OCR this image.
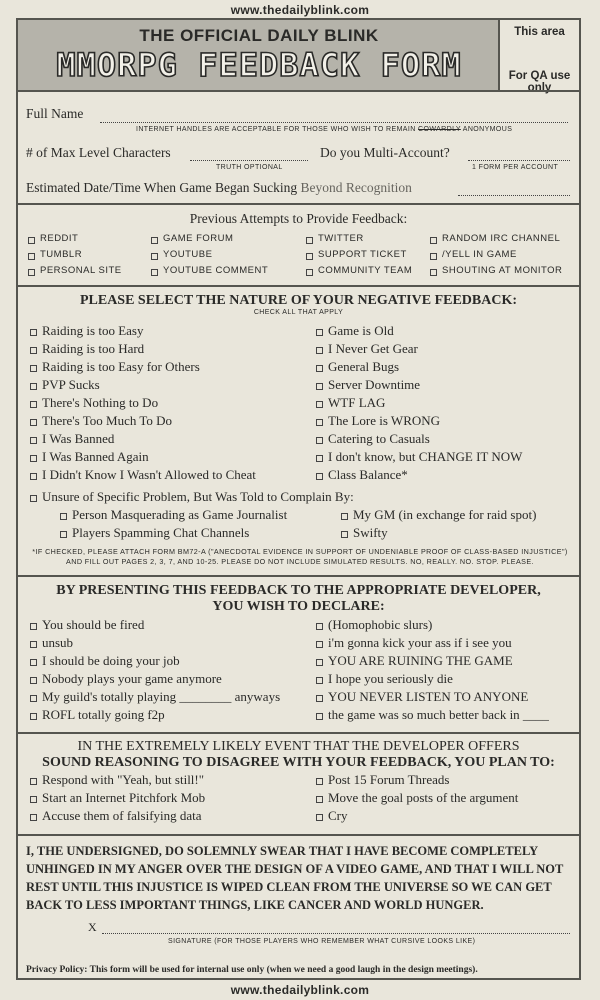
www.thedailyblink.com
THE OFFICIAL DAILY BLINK
MMORPG FEEDBACK FORM
This area
For QA use only
Full Name
INTERNET HANDLES ARE ACCEPTABLE FOR THOSE WHO WISH TO REMAIN COWARDLY ANONYMOUS
# of Max Level Characters
TRUTH OPTIONAL
Do you Multi-Account?
1 FORM PER ACCOUNT
Estimated Date/Time When Game Began Sucking Beyond Recognition
Previous Attempts to Provide Feedback:
REDDIT	GAME FORUM	TWITTER	RANDOM IRC CHANNEL
TUMBLR	YOUTUBE	SUPPORT TICKET	/YELL IN GAME
PERSONAL SITE	YOUTUBE COMMENT	COMMUNITY TEAM	SHOUTING AT MONITOR
PLEASE SELECT THE NATURE OF YOUR NEGATIVE FEEDBACK:
CHECK ALL THAT APPLY
Raiding is too Easy
Raiding is too Hard
Raiding is too Easy for Others
PVP Sucks
There's Nothing to Do
There's Too Much To Do
I Was Banned
I Was Banned Again
I Didn't Know I Wasn't Allowed to Cheat
Game is Old
I Never Get Gear
General Bugs
Server Downtime
WTF LAG
The Lore is WRONG
Catering to Casuals
I don't know, but CHANGE IT NOW
Class Balance*
Unsure of Specific Problem, But Was Told to Complain By:
Person Masquerading as Game Journalist
Players Spamming Chat Channels
My GM (in exchange for raid spot)
Swifty
*IF CHECKED, PLEASE ATTACH FORM BM72-A ("ANECDOTAL EVIDENCE IN SUPPORT OF UNDENIABLE PROOF OF CLASS-BASED INJUSTICE") AND FILL OUT PAGES 2, 3, 7, AND 10-25. PLEASE DO NOT INCLUDE SIMULATED RESULTS. NO, REALLY. NO. STOP. PLEASE.
BY PRESENTING THIS FEEDBACK TO THE APPROPRIATE DEVELOPER,
YOU WISH TO DECLARE:
You should be fired
unsub
I should be doing your job
Nobody plays your game anymore
My guild's totally playing ________ anyways
ROFL totally going f2p
(Homophobic slurs)
i'm gonna kick your ass if i see you
YOU ARE RUINING THE GAME
I hope you seriously die
YOU NEVER LISTEN TO ANYONE
the game was so much better back in ____
IN THE EXTREMELY LIKELY EVENT THAT THE DEVELOPER OFFERS
SOUND REASONING TO DISAGREE WITH YOUR FEEDBACK, YOU PLAN TO:
Respond with "Yeah, but still!"
Start an Internet Pitchfork Mob
Accuse them of falsifying data
Post 15 Forum Threads
Move the goal posts of the argument
Cry
I, THE UNDERSIGNED, DO SOLEMNLY SWEAR THAT I HAVE BECOME COMPLETELY UNHINGED IN MY ANGER OVER THE DESIGN OF A VIDEO GAME, AND THAT I WILL NOT REST UNTIL THIS INJUSTICE IS WIPED CLEAN FROM THE UNIVERSE SO WE CAN GET BACK TO LESS IMPORTANT THINGS, LIKE CANCER AND WORLD HUNGER.
X
SIGNATURE (FOR THOSE PLAYERS WHO REMEMBER WHAT CURSIVE LOOKS LIKE)
Privacy Policy: This form will be used for internal use only (when we need a good laugh in the design meetings).
www.thedailyblink.com
